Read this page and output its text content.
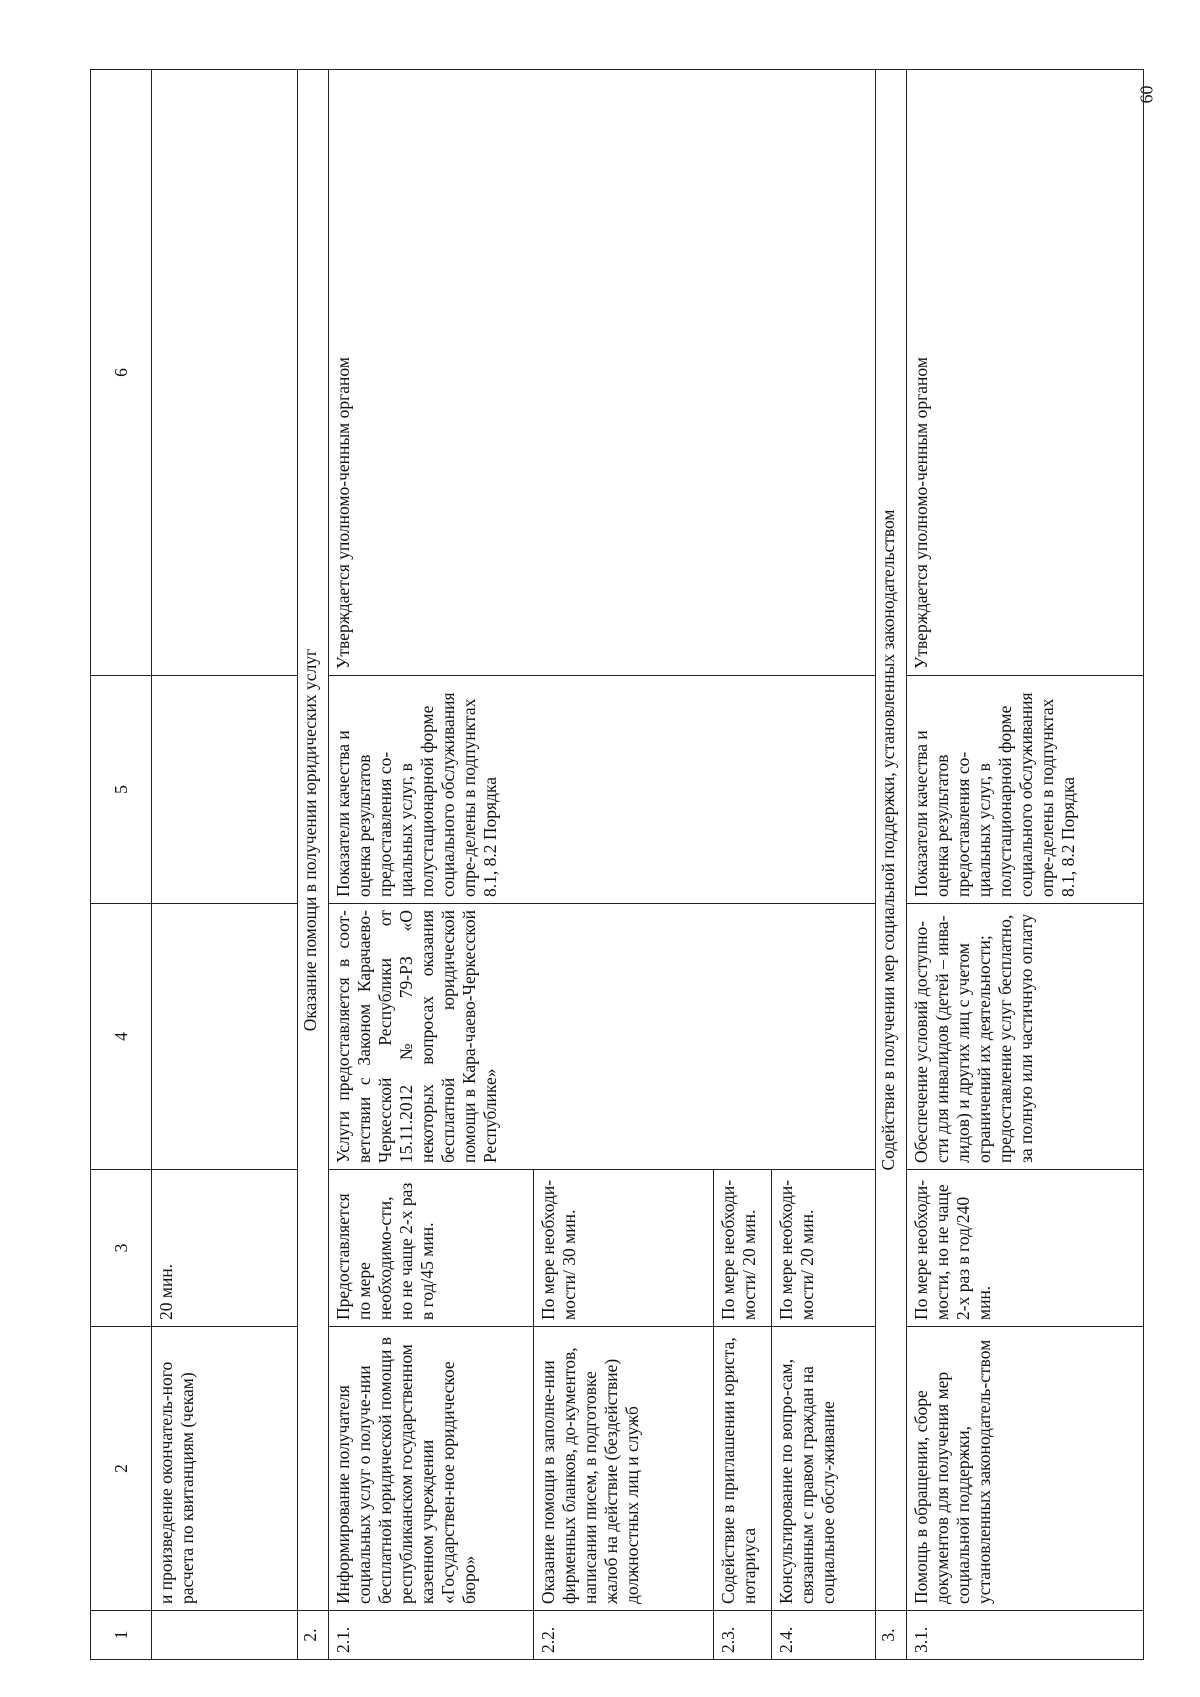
60
1	2	3	4	5	6
	и произведение окончатель-ного расчета по квитанциям (чекам)	20 мин.			
2.	Оказание помощи в получении юридических услуг				
2.1.	Информирование получателя социальных услуг о получе-нии бесплатной юридической помощи в республиканском государственном казенном учреждении «Государствен-ное юридическое бюро»	Предоставляется по мере необходимо-сти, но не чаще 2-х раз в год/45 мин.	Услуги предоставляется в соот-ветствии с Законом Карачаево-Черкесской Республики от 15.11.2012 № 79-РЗ «О некоторых вопросах оказания бесплатной юридической помощи в Кара-чаево-Черкесской Республике»	Показатели качества и оценка результатов предоставления со-циальных услуг, в полустационарной форме социального обслуживания опре-делены в подпунктах 8.1, 8.2 Порядка	Утверждается уполномо-ченным органом
2.2.	Оказание помощи в заполне-нии фирменных бланков, до-кументов, написании писем, в подготовке жалоб на действие (бездействие) должностных лиц и служб	По мере необходи-мости/ 30 мин.			
2.3.	Содействие в приглашении юриста, нотариуса	По мере необходи-мости/ 20 мин.			
2.4.	Консультирование по вопро-сам, связанным с правом граждан на социальное обслу-живание	По мере необходи-мости/ 20 мин.			
3.	Содействие в получении мер социальной поддержки, установленных законодательством				
3.1.	Помощь в обращении, сборе документов для получения мер социальной поддержки, установленных законодатель-ством	По мере необходи-мости, но не чаще 2-х раз в год/240 мин.	Обеспечение условий доступно-сти для инвалидов (детей – инва-лидов) и других лиц с учетом ограничений их деятельности; предоставление услуг бесплатно, за полную или частичную оплату	Показатели качества и оценка результатов предоставления со-циальных услуг, в полустационарной форме социального обслуживания опре-делены в подпунктах 8.1, 8.2 Порядка	Утверждается уполномо-ченным органом
